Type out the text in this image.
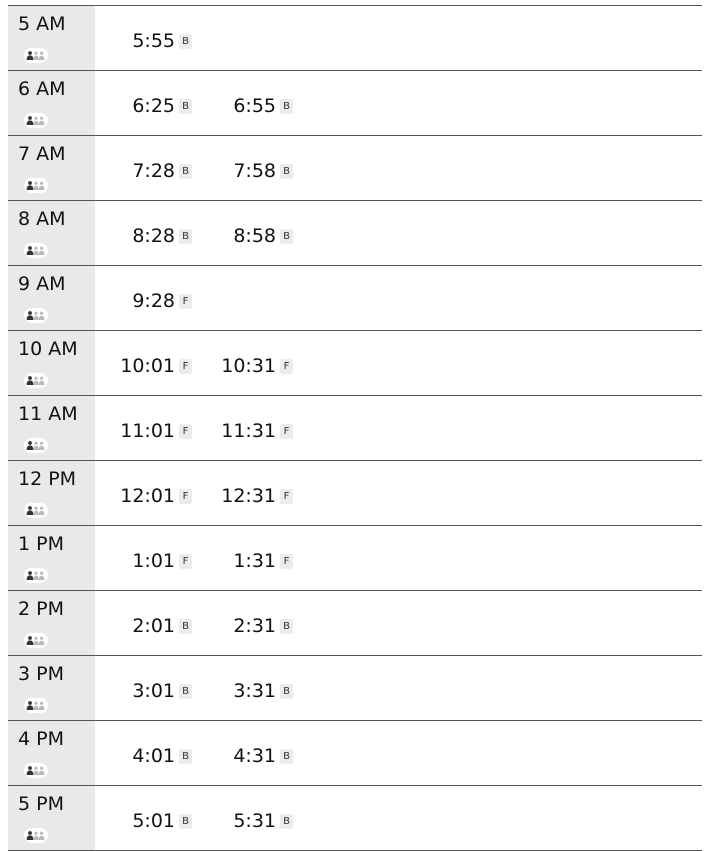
5 AM
5:55 B
6 AM
6:25 B 6:55 B
7 AM
7:28 B 7:58 B
8 AM
8:28 B 8:58 B
9 AM
9:28 F
10 AM
10:01 F 10:31 F
11 AM
11:01 F 11:31 F
12 PM
12:01 F 12:31 F
1 PM
1:01 F 1:31 F
2 PM
2:01 B 2:31 B
3 PM
3:01 B 3:31 B
4 PM
4:01 B 4:31 B
5 PM
5:01 B 5:31 B
